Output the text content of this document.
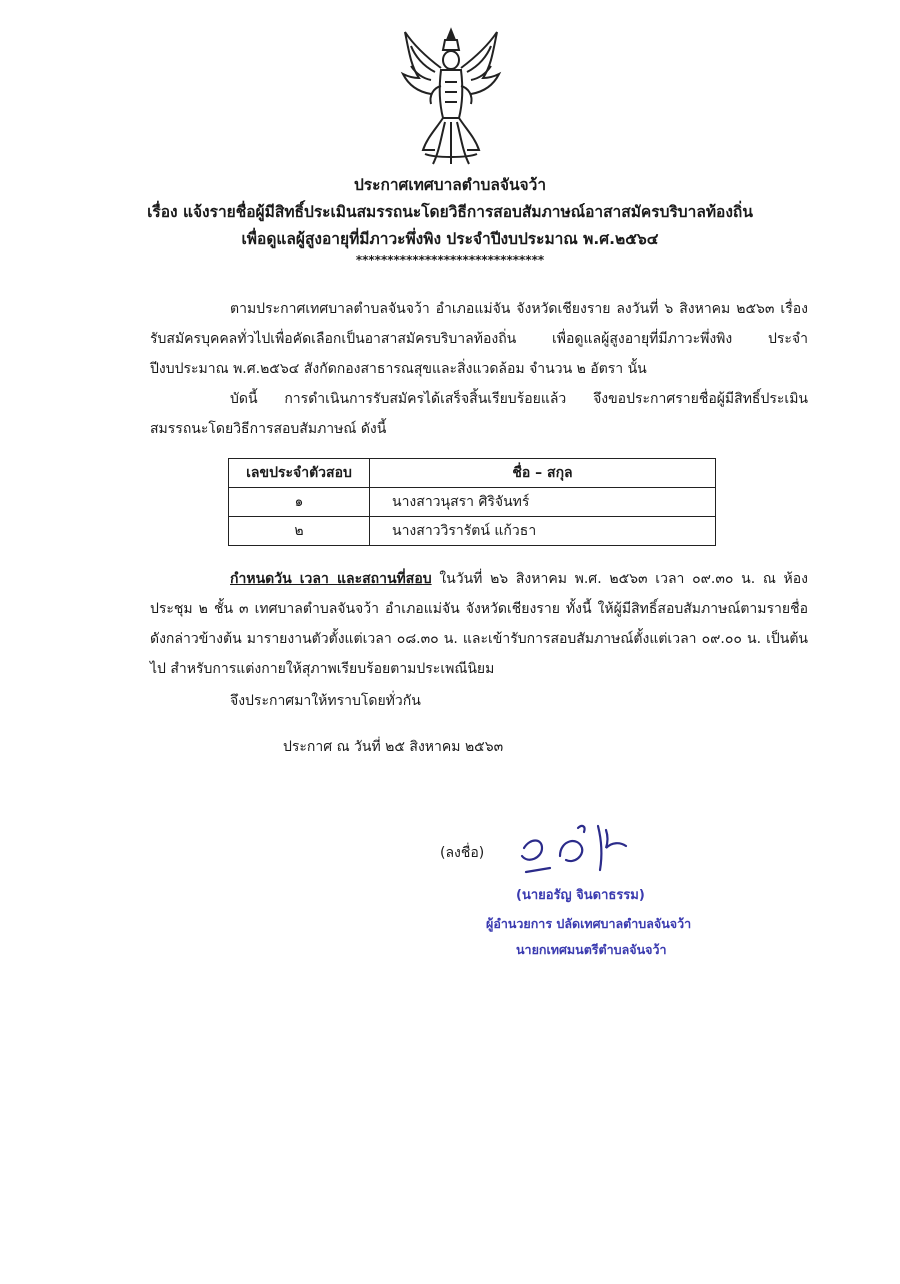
ประกาศเทศบาลตำบลจันจว้า
เรื่อง แจ้งรายชื่อผู้มีสิทธิ์ประเมินสมรรถนะโดยวิธีการสอบสัมภาษณ์อาสาสมัครบริบาลท้องถิ่น
เพื่อดูแลผู้สูงอายุที่มีภาวะพึ่งพิง ประจำปีงบประมาณ พ.ศ.๒๕๖๔
******************************
ตามประกาศเทศบาลตำบลจันจว้า อำเภอแม่จัน จังหวัดเชียงราย ลงวันที่ ๖ สิงหาคม ๒๕๖๓ เรื่อง รับสมัครบุคคลทั่วไปเพื่อคัดเลือกเป็นอาสาสมัครบริบาลท้องถิ่น เพื่อดูแลผู้สูงอายุที่มีภาวะพึ่งพิง ประจำปีงบประมาณ พ.ศ.๒๕๖๔ สังกัดกองสาธารณสุขและสิ่งแวดล้อม จำนวน ๒ อัตรา นั้น
บัดนี้ การดำเนินการรับสมัครได้เสร็จสิ้นเรียบร้อยแล้ว จึงขอประกาศรายชื่อผู้มีสิทธิ์ประเมินสมรรถนะโดยวิธีการสอบสัมภาษณ์ ดังนี้
เลขประจำตัวสอบ	ชื่อ – สกุล
๑	นางสาวนุสรา ศิริจันทร์
๒	นางสาววิรารัตน์ แก้วธา
กำหนดวัน เวลา และสถานที่สอบ ในวันที่ ๒๖ สิงหาคม พ.ศ. ๒๕๖๓ เวลา ๐๙.๓๐ น. ณ ห้องประชุม ๒ ชั้น ๓ เทศบาลตำบลจันจว้า อำเภอแม่จัน จังหวัดเชียงราย ทั้งนี้ ให้ผู้มีสิทธิ์สอบสัมภาษณ์ตามรายชื่อดังกล่าวข้างต้น มารายงานตัวตั้งแต่เวลา ๐๘.๓๐ น. และเข้ารับการสอบสัมภาษณ์ตั้งแต่เวลา ๐๙.๐๐ น. เป็นต้นไป สำหรับการแต่งกายให้สุภาพเรียบร้อยตามประเพณีนิยม
จึงประกาศมาให้ทราบโดยทั่วกัน
ประกาศ ณ วันที่ ๒๕ สิงหาคม ๒๕๖๓
(ลงชื่อ)
(นายอรัญ จินดาธรรม)
ผู้อำนวยการ ปลัดเทศบาลตำบลจันจว้า
นายกเทศมนตรีตำบลจันจว้า
